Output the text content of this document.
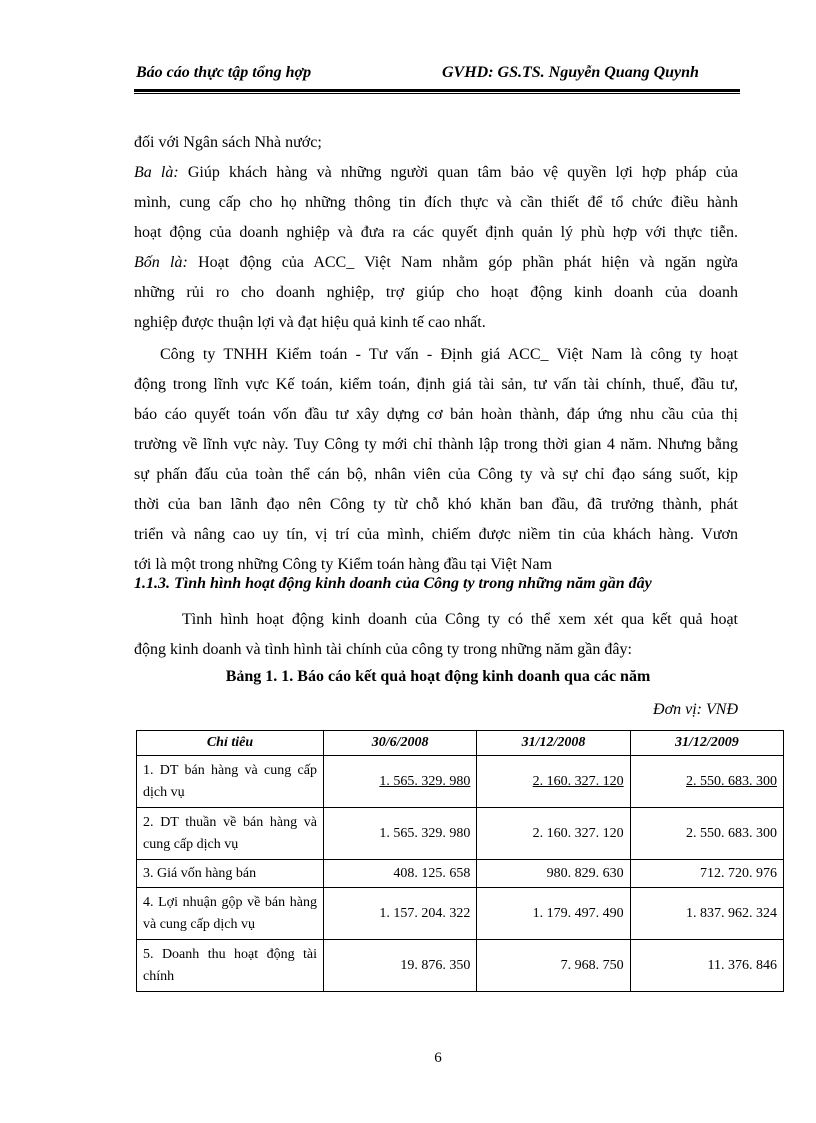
Báo cáo thực tập tổng hợp	GVHD: GS.TS. Nguyễn Quang Quynh
đối với Ngân sách Nhà nước;
Ba là: Giúp khách hàng và những người quan tâm bảo vệ quyền lợi hợp pháp của
mình, cung cấp cho họ những thông tin đích thực và cần thiết để tổ chức điều hành
hoạt động của doanh nghiệp và đưa ra các quyết định quản lý phù hợp với thực tiễn.
Bốn là: Hoạt động của ACC_ Việt Nam nhằm góp phần phát hiện và ngăn ngừa
những rủi ro cho doanh nghiệp, trợ giúp cho hoạt động kinh doanh của doanh
nghiệp được thuận lợi và đạt hiệu quả kinh tế cao nhất.
Công ty TNHH Kiểm toán - Tư vấn - Định giá ACC_ Việt Nam là công ty hoạt
động trong lĩnh vực Kế toán, kiểm toán, định giá tài sản, tư vấn tài chính, thuế, đầu tư,
báo cáo quyết toán vốn đầu tư xây dựng cơ bản hoàn thành, đáp ứng nhu cầu của thị
trường về lĩnh vực này. Tuy Công ty mới chỉ thành lập trong thời gian 4 năm. Nhưng bằng
sự phấn đấu của toàn thể cán bộ, nhân viên của Công ty và sự chỉ đạo sáng suốt, kịp
thời của ban lãnh đạo nên Công ty từ chỗ khó khăn ban đầu, đã trưởng thành, phát
triển và nâng cao uy tín, vị trí của mình, chiếm được niềm tin của khách hàng. Vươn
tới là một trong những Công ty Kiểm toán hàng đầu tại Việt Nam
1.1.3. Tình hình hoạt động kinh doanh của Công ty trong những năm gần đây
Tình hình hoạt động kinh doanh của Công ty có thể xem xét qua kết quả hoạt
động kinh doanh và tình hình tài chính của công ty trong những năm gần đây:
Bảng 1. 1. Báo cáo kết quả hoạt động kinh doanh qua các năm
Đơn vị: VNĐ
Chỉ tiêu	30/6/2008	31/12/2008	31/12/2009
1. DT bán hàng và cung cấp dịch vụ	1. 565. 329. 980	2. 160. 327. 120	2. 550. 683. 300
2. DT thuần về bán hàng và cung cấp dịch vụ	1. 565. 329. 980	2. 160. 327. 120	2. 550. 683. 300
3. Giá vốn hàng bán	408. 125. 658	980. 829. 630	712. 720. 976
4. Lợi nhuận gộp về bán hàng và cung cấp dịch vụ	1. 157. 204. 322	1. 179. 497. 490	1. 837. 962. 324
5. Doanh thu hoạt động tài chính	19. 876. 350	7. 968. 750	11. 376. 846
6
